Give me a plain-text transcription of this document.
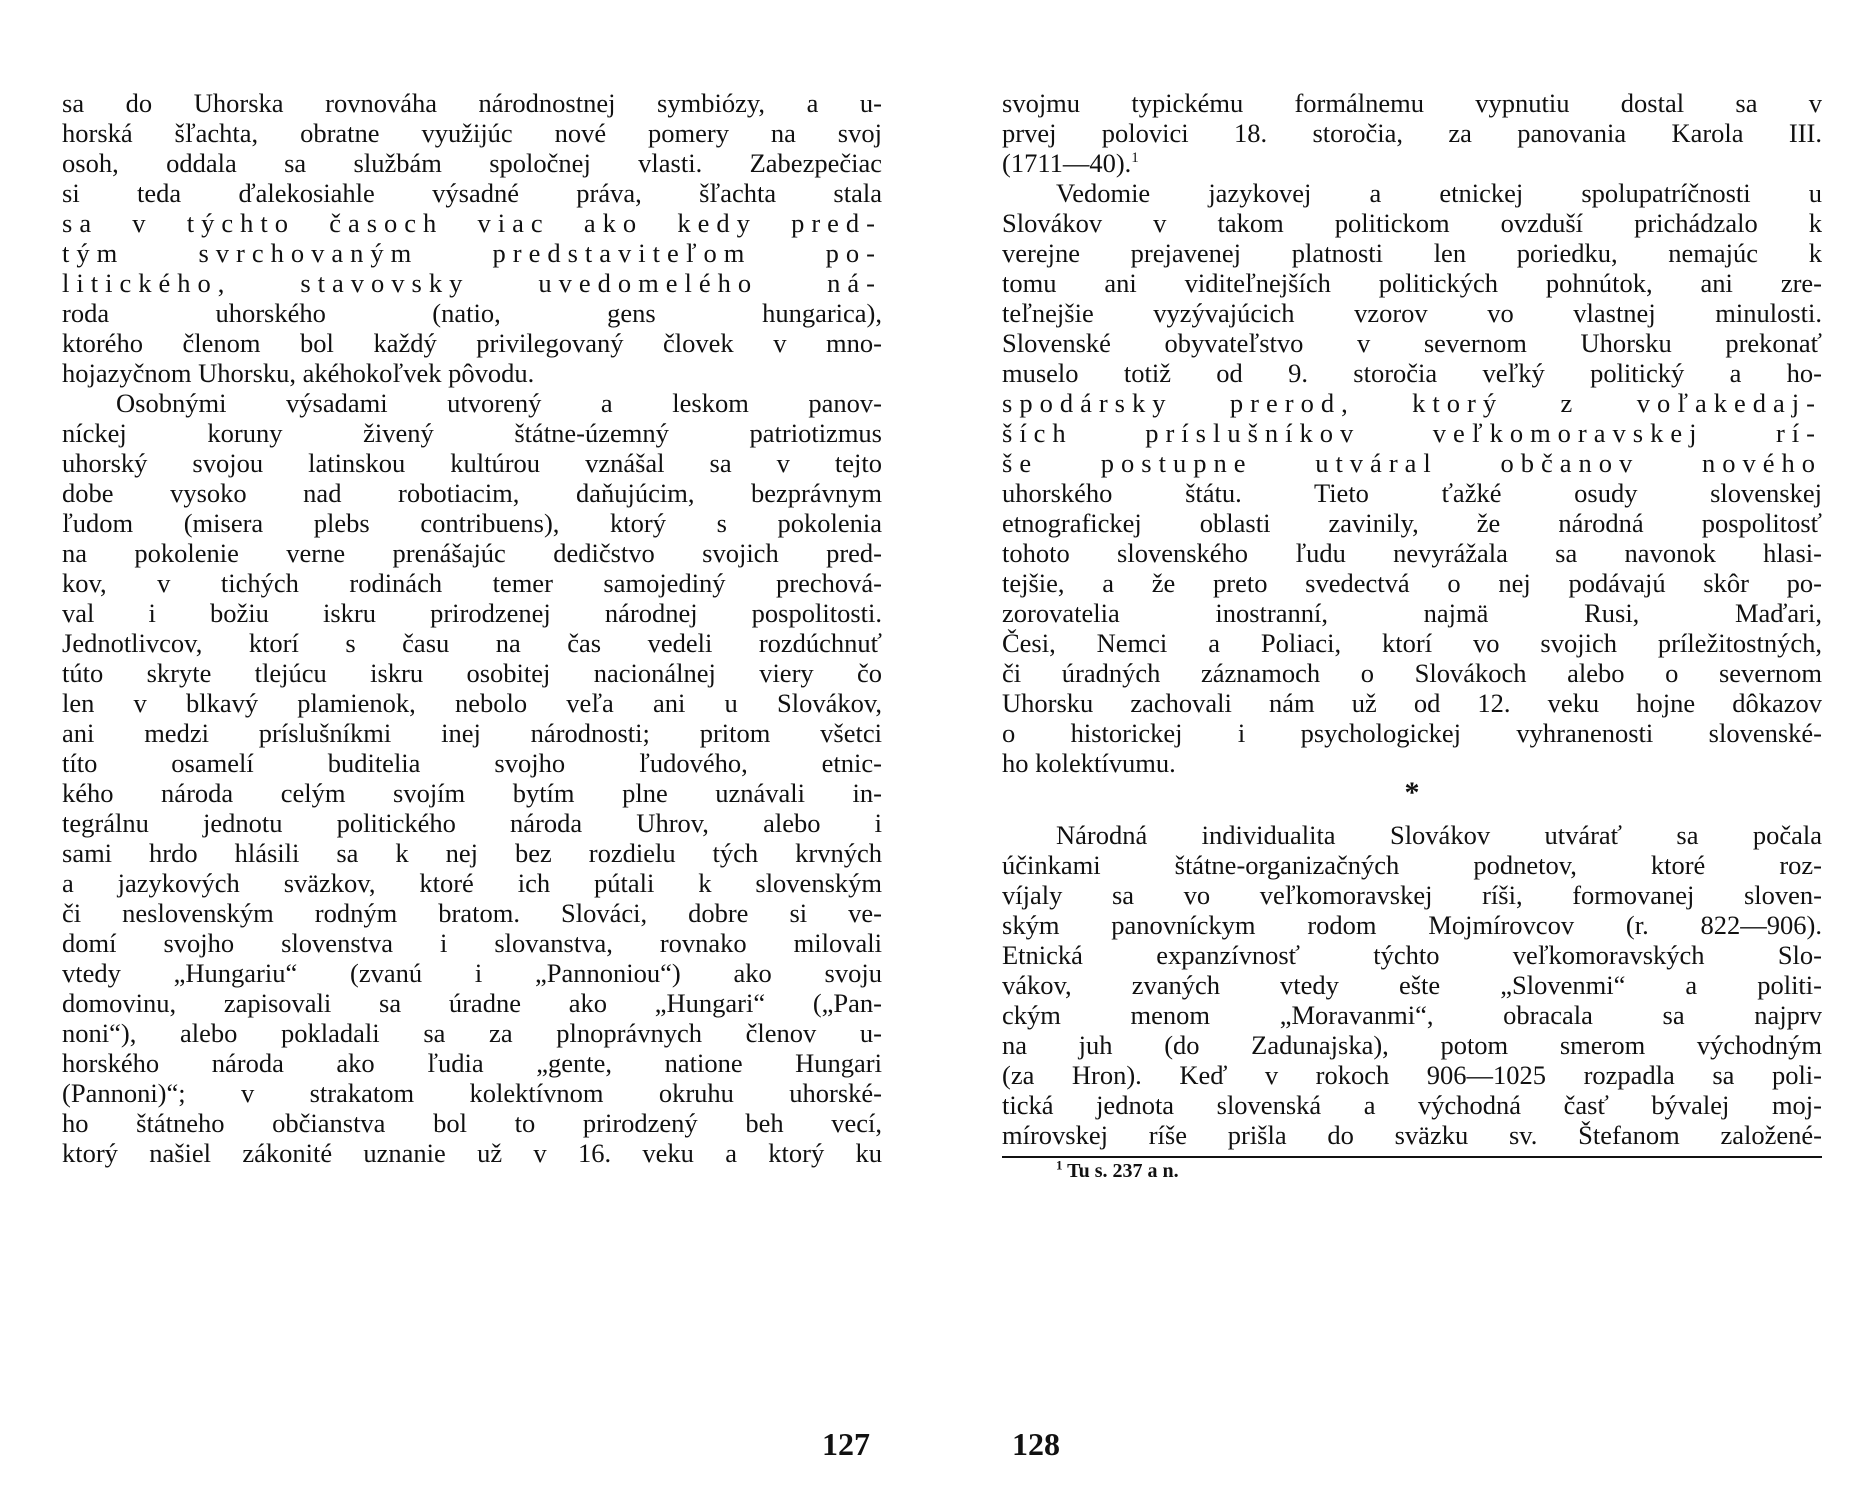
sa do Uhorska rovnováha národnostnej symbiózy, a u-
horská šľachta, obratne využijúc nové pomery na svoj
osoh, oddala sa službám spoločnej vlasti. Zabezpečiac
si teda ďalekosiahle výsadné práva, šľachta stala
sa v týchto časoch viac ako kedy pred-
tým svrchovaným predstaviteľom po-
litického, stavovsky uvedomelého ná-
roda uhorského (natio, gens hungarica),
ktorého členom bol každý privilegovaný človek v mno-
hojazyčnom Uhorsku, akéhokoľvek pôvodu.
Osobnými výsadami utvorený a leskom panov-
níckej koruny živený štátne-územný patriotizmus
uhorský svojou latinskou kultúrou vznášal sa v tejto
dobe vysoko nad robotiacim, daňujúcim, bezprávnym
ľudom (misera plebs contribuens), ktorý s pokolenia
na pokolenie verne prenášajúc dedičstvo svojich pred-
kov, v tichých rodinách temer samojediný prechová-
val i božiu iskru prirodzenej národnej pospolitosti.
Jednotlivcov, ktorí s času na čas vedeli rozdúchnuť
túto skryte tlejúcu iskru osobitej nacionálnej viery čo
len v blkavý plamienok, nebolo veľa ani u Slovákov,
ani medzi príslušníkmi inej národnosti; pritom všetci
títo osamelí buditelia svojho ľudového, etnic-
kého národa celým svojím bytím plne uznávali in-
tegrálnu jednotu politického národa Uhrov, alebo i
sami hrdo hlásili sa k nej bez rozdielu tých krvných
a jazykových sväzkov, ktoré ich pútali k slovenským
či neslovenským rodným bratom. Slováci, dobre si ve-
domí svojho slovenstva i slovanstva, rovnako milovali
vtedy „Hungariu“ (zvanú i „Pannoniou“) ako svoju
domovinu, zapisovali sa úradne ako „Hungari“ („Pan-
noni“), alebo pokladali sa za plnoprávnych členov u-
horského národa ako ľudia „gente, natione Hungari
(Pannoni)“; v strakatom kolektívnom okruhu uhorské-
ho štátneho občianstva bol to prirodzený beh vecí,
ktorý našiel zákonité uznanie už v 16. veku a ktorý ku
127
svojmu typickému formálnemu vypnutiu dostal sa v
prvej polovici 18. storočia, za panovania Karola III.
(1711—40).$^1$
Vedomie jazykovej a etnickej spolupatríčnosti u
Slovákov v takom politickom ovzduší prichádzalo k
verejne prejavenej platnosti len poriedku, nemajúc k
tomu ani viditeľnejších politických pohnútok, ani zre-
teľnejšie vyzývajúcich vzorov vo vlastnej minulosti.
Slovenské obyvateľstvo v severnom Uhorsku prekonať
muselo totiž od 9. storočia veľký politický a ho-
spodársky prerod, ktorý z voľakedaj-
ších príslušníkov veľkomoravskej rí-
še postupne utváral občanov nového
uhorského štátu. Tieto ťažké osudy slovenskej
etnografickej oblasti zavinily, že národná pospolitosť
tohoto slovenského ľudu nevyrážala sa navonok hlasi-
tejšie, a že preto svedectvá o nej podávajú skôr po-
zorovatelia inostranní, najmä Rusi, Maďari,
Česi, Nemci a Poliaci, ktorí vo svojich príležitostných,
či úradných záznamoch o Slovákoch alebo o severnom
Uhorsku zachovali nám už od 12. veku hojne dôkazov
o historickej i psychologickej vyhranenosti slovenské-
ho kolektívumu.
*
Národná individualita Slovákov utvárať sa počala
účinkami štátne-organizačných podnetov, ktoré roz-
víjaly sa vo veľkomoravskej ríši, formovanej sloven-
ským panovníckym rodom Mojmírovcov (r. 822—906).
Etnická expanzívnosť týchto veľkomoravských Slo-
vákov, zvaných vtedy ešte „Slovenmi“ a politi-
ckým menom „Moravanmi“, obracala sa najprv
na juh (do Zadunajska), potom smerom východným
(za Hron). Keď v rokoch 906—1025 rozpadla sa poli-
tická jednota slovenská a východná časť bývalej moj-
mírovskej ríše prišla do sväzku sv. Štefanom založené-
$^1$ Tu s. 237 a n.
128
